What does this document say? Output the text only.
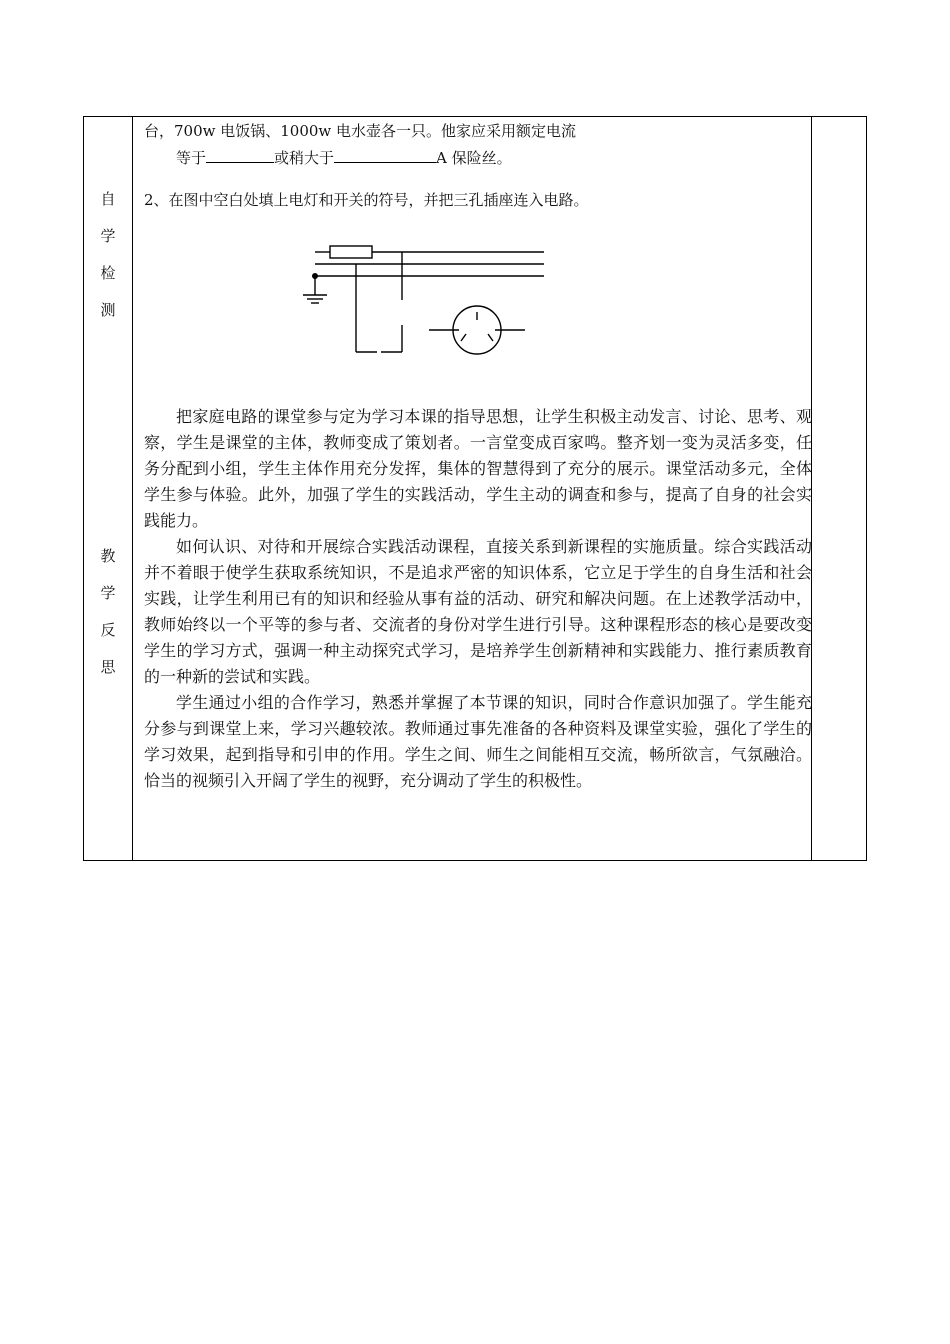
自
学
检
测
教
学
反
思
台，700w 电饭锅、1000w 电水壶各一只。他家应采用额定电流
等于	或稍大于	A 保险丝。
2、在图中空白处填上电灯和开关的符号，并把三孔插座连入电路。

把家庭电路的课堂参与定为学习本课的指导思想，让学生积极主动发言、讨论、思考、观察，学生是课堂的主体，教师变成了策划者。一言堂变成百家鸣。整齐划一变为灵活多变，任务分配到小组，学生主体作用充分发挥，集体的智慧得到了充分的展示。课堂活动多元，全体学生参与体验。此外，加强了学生的实践活动，学生主动的调查和参与，提高了自身的社会实践能力。

如何认识、对待和开展综合实践活动课程，直接关系到新课程的实施质量。综合实践活动并不着眼于使学生获取系统知识，不是追求严密的知识体系，它立足于学生的自身生活和社会实践，让学生利用已有的知识和经验从事有益的活动、研究和解决问题。在上述教学活动中，教师始终以一个平等的参与者、交流者的身份对学生进行引导。这种课程形态的核心是要改变学生的学习方式，强调一种主动探究式学习，是培养学生创新精神和实践能力、推行素质教育的一种新的尝试和实践。

学生通过小组的合作学习，熟悉并掌握了本节课的知识，同时合作意识加强了。学生能充分参与到课堂上来，学习兴趣较浓。教师通过事先准备的各种资料及课堂实验，强化了学生的学习效果，起到指导和引申的作用。学生之间、师生之间能相互交流，畅所欲言，气氛融洽。恰当的视频引入开阔了学生的视野，充分调动了学生的积极性。
